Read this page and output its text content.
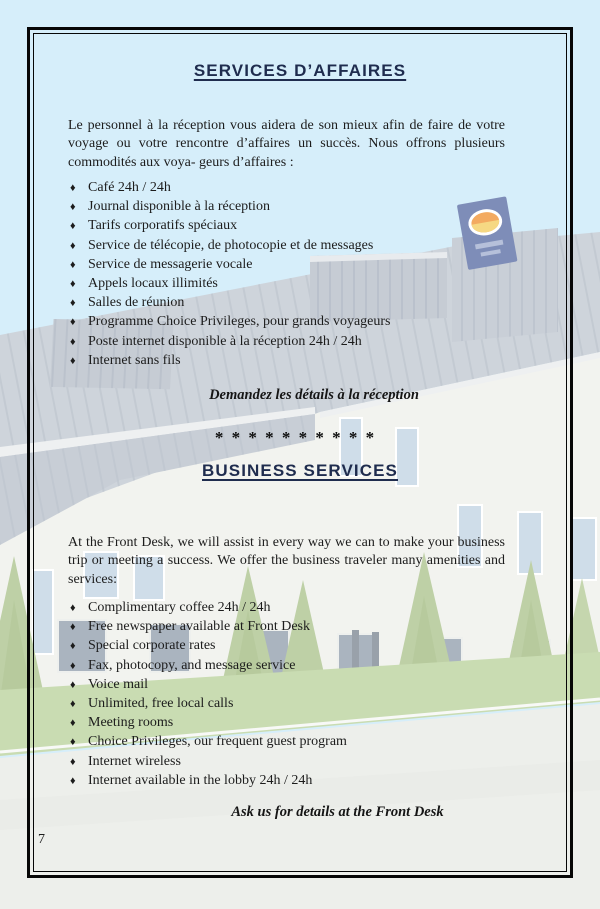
SERVICES D’AFFAIRES

Le personnel à la réception vous aidera de son mieux afin de faire de votre voyage ou votre rencontre d’affaires un succès. Nous offrons plusieurs commodités aux voya- geurs d’affaires :

♦ Café 24h / 24h
♦ Journal disponible à la réception
♦ Tarifs corporatifs spéciaux
♦ Service de télécopie, de photocopie et de messages
♦ Service de messagerie vocale
♦ Appels locaux illimités
♦ Salles de réunion
♦ Programme Choice Privileges, pour grands voyageurs
♦ Poste internet disponible à la réception 24h / 24h
♦ Internet sans fils
Demandez les détails à la réception
* * * * * * * * * *
BUSINESS SERVICES

At the Front Desk, we will assist in every way we can to make your business trip or meeting a success. We offer the business traveler many amenities and services:

♦ Complimentary coffee 24h / 24h
♦ Free newspaper available at Front Desk
♦ Special corporate rates
♦ Fax, photocopy, and message service
♦ Voice mail
♦ Unlimited, free local calls
♦ Meeting rooms
♦ Choice Privileges, our frequent guest program
♦ Internet wireless
♦ Internet available in the lobby 24h / 24h
Ask us for details at the Front Desk
7
